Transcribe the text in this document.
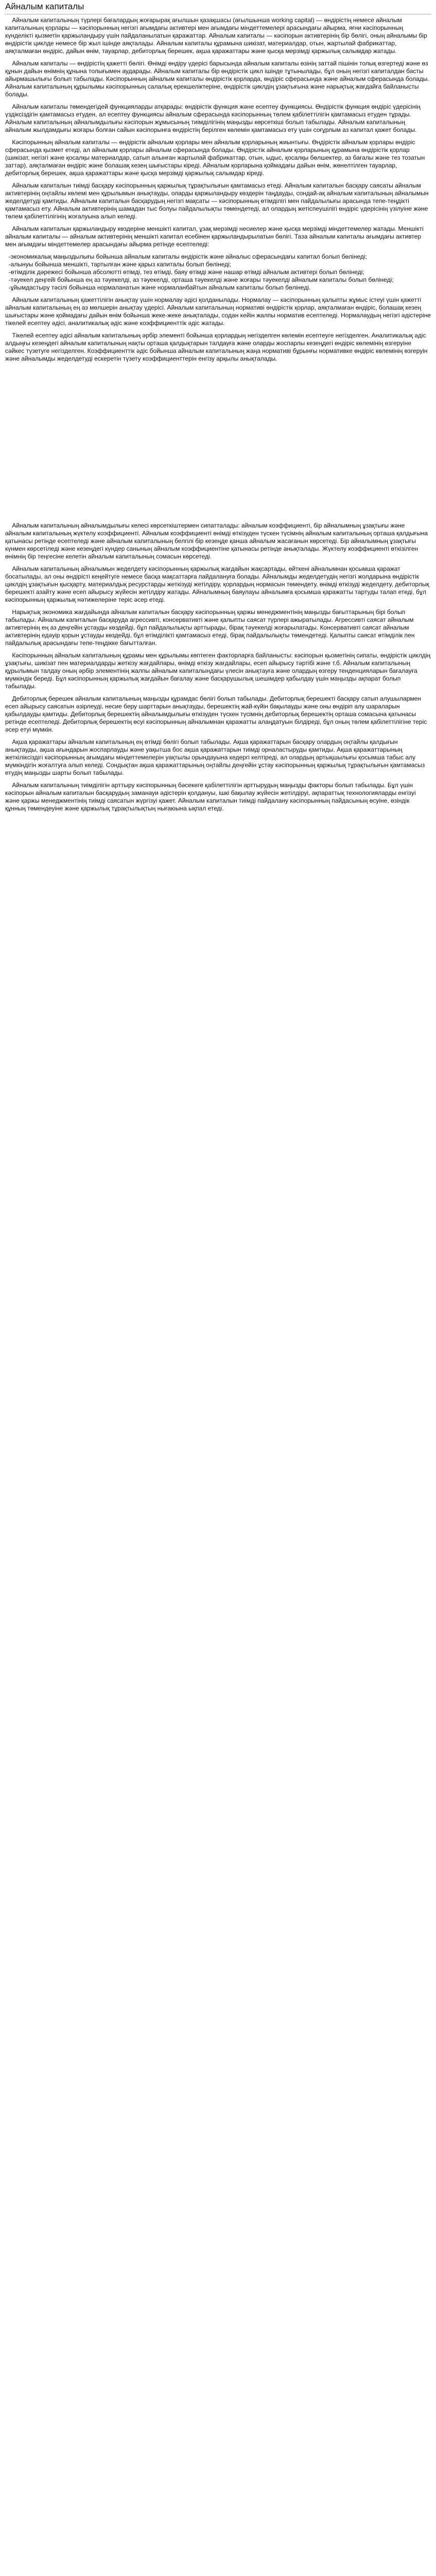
Айналым капиталы

Айналым капиталының түрлері бағалардың жоғарырақ ағылшын қазақшасы (ағылшынша working capital) — өндірістің немесе айналым капиталының қорлары — кәсіпорынның негізгі ағымдағы активтері мен ағымдағы міндеттемелері арасындағы айырма, яғни кәсіпорынның күнделікті қызметін қаржыландыру үшін пайдаланылатын қаражаттар. Айналым капиталы — кәсіпорын активтерінің бір бөлігі, оның айналымы бір өндірістік циклде немесе бір жыл ішінде аяқталады. Айналым капиталы құрамына шикізат, материалдар, отын, жартылай фабрикаттар, аяқталмаған өндіріс, дайын өнім, тауарлар, дебиторлық берешек, ақша қаражаттары және қысқа мерзімді қаржылық салымдар жатады.

Айналым капиталы — өндірістің қажетті бөлігі. Өнімді өндіру үдерісі барысында айналым капиталы өзінің заттай пішінін толық өзгертеді және өз құнын дайын өнімнің құнына толығымен аударады. Айналым капиталы бір өндірістік цикл ішінде тұтынылады, бұл оның негізгі капиталдан басты айырмашылығы болып табылады. Кәсіпорынның айналым капиталы өндірістік қорларда, өндіріс сферасында және айналым сферасында болады. Айналым капиталының құрылымы кәсіпорынның салалық ерекшеліктеріне, өндірістік циклдің ұзақтығына және нарықтық жағдайға байланысты болады.

Айналым капиталы төмендегідей функцияларды атқарады: өндірістік функция және есептеу функциясы. Өндірістік функция өндіріс үдерісінің үздіксіздігін қамтамасыз етуден, ал есептеу функциясы айналым сферасында кәсіпорынның төлем қабілеттілігін қамтамасыз етуден тұрады. Айналым капиталының айналымдылығы кәсіпорын жұмысының тиімділігінің маңызды көрсеткіші болып табылады. Айналым капиталының айналым жылдамдығы жоғары болған сайын кәсіпорынға өндірістің берілген көлемін қамтамасыз ету үшін соғұрлым аз капитал қажет болады.

Кәсіпорынның айналым капиталы — өндірістік айналым қорлары мен айналым қорларының жиынтығы. Өндірістік айналым қорлары өндіріс сферасында қызмет етеді, ал айналым қорлары айналым сферасында болады. Өндірістік айналым қорларының құрамына өндірістік қорлар (шикізат, негізгі және қосалқы материалдар, сатып алынған жартылай фабрикаттар, отын, ыдыс, қосалқы бөлшектер, аз бағалы және тез тозатын заттар), аяқталмаған өндіріс және болашақ кезең шығыстары кіреді. Айналым қорларына қоймадағы дайын өнім, жөнелтілген тауарлар, дебиторлық берешек, ақша қаражаттары және қысқа мерзімді қаржылық салымдар кіреді.

Айналым капиталын тиімді басқару кәсіпорынның қаржылық тұрақтылығын қамтамасыз етеді. Айналым капиталын басқару саясаты айналым активтерінің оңтайлы көлемі мен құрылымын анықтауды, оларды қаржыландыру көздерін таңдауды, сондай-ақ айналым капиталының айналымын жеделдетуді қамтиды. Айналым капиталын басқарудың негізгі мақсаты — кәсіпорынның өтімділігі мен пайдалылығы арасында тепе-теңдікті қамтамасыз ету. Айналым активтерінің шамадан тыс болуы пайдалылықты төмендетеді, ал олардың жетіспеушілігі өндіріс үдерісінің үзілуіне және төлем қабілеттілігінің жоғалуына алып келеді.

Айналым капиталын қаржыландыру көздеріне меншікті капитал, ұзақ мерзімді несиелер және қысқа мерзімді міндеттемелер жатады. Меншікті айналым капиталы — айналым активтерінің меншікті капитал есебінен қаржыландырылатын бөлігі. Таза айналым капиталы ағымдағы активтер мен ағымдағы міндеттемелер арасындағы айырма ретінде есептеледі:

-экономикалық маңыздылығы бойынша айналым капиталы өндірістік және айналыс сферасындағы капитал болып бөлінеді;
-алынуы бойынша меншікті, тартылған және қарыз капиталы болып бөлінеді;
-өтімділік дәрежесі бойынша абсолютті өтімді, тез өтімді, баяу өтімді және нашар өтімді айналым активтері болып бөлінеді;
-тәуекел деңгейі бойынша ең аз тәуекелді, аз тәуекелді, орташа тәуекелді және жоғары тәуекелді айналым капиталы болып бөлінеді;
-ұйымдастыру тәсілі бойынша нормаланатын және нормаланбайтын айналым капиталы болып бөлінеді.

Айналым капиталының қажеттілігін анықтау үшін нормалау әдісі қолданылады. Нормалау — кәсіпорынның қалыпты жұмыс істеуі үшін қажетті айналым капиталының ең аз мөлшерін анықтау үдерісі. Айналым капиталының нормативі өндірістік қорлар, аяқталмаған өндіріс, болашақ кезең шығыстары және қоймадағы дайын өнім бойынша жеке-жеке анықталады, содан кейін жалпы норматив есептеледі. Нормалаудың негізгі әдістеріне тікелей есептеу әдісі, аналитикалық әдіс және коэффициенттік әдіс жатады.

Тікелей есептеу әдісі айналым капиталының әрбір элементі бойынша қорлардың негізделген көлемін есептеуге негізделген. Аналитикалық әдіс алдыңғы кезеңдегі айналым капиталының нақты орташа қалдықтарын талдауға және оларды жоспарлы кезеңдегі өндіріс көлемінің өзгеруіне сәйкес түзетуге негізделген. Коэффициенттік әдіс бойынша айналым капиталының жаңа нормативі бұрынғы нормативке өндіріс көлемінің өзгеруін және айналымды жеделдетуді ескеретін түзету коэффициенттерін енгізу арқылы анықталады.

Айналым капиталының айналымдылығы келесі көрсеткіштермен сипатталады: айналым коэффициенті, бір айналымның ұзақтығы және айналым капиталының жүктелу коэффициенті. Айналым коэффициенті өнімді өткізуден түскен түсімнің айналым капиталының орташа қалдығына қатынасы ретінде есептеледі және айналым капиталының белгілі бір кезеңде қанша айналым жасағанын көрсетеді. Бір айналымның ұзақтығы күнмен көрсетіледі және кезеңдегі күндер санының айналым коэффициентіне қатынасы ретінде анықталады. Жүктелу коэффициенті өткізілген өнімнің бір теңгесіне келетін айналым капиталының сомасын көрсетеді.

Айналым капиталының айналымын жеделдету кәсіпорынның қаржылық жағдайын жақсартады, өйткені айналымнан қосымша қаражат босатылады, ал оны өндірісті кеңейтуге немесе басқа мақсаттарға пайдалануға болады. Айналымды жеделдетудің негізгі жолдарына өндірістік циклдің ұзақтығын қысқарту, материалдық ресурстарды жеткізуді жетілдіру, қорлардың нормасын төмендету, өнімді өткізуді жеделдету, дебиторлық берешекті азайту және есеп айырысу жүйесін жетілдіру жатады. Айналымның баяулауы айналымға қосымша қаражатты тартуды талап етеді, бұл кәсіпорынның қаржылық нәтижелеріне теріс әсер етеді.

Нарықтық экономика жағдайында айналым капиталын басқару кәсіпорынның қаржы менеджментінің маңызды бағыттарының бірі болып табылады. Айналым капиталын басқаруда агрессивті, консервативті және қалыпты саясат түрлері ажыратылады. Агрессивті саясат айналым активтерінің ең аз деңгейін ұстауды көздейді, бұл пайдалылықты арттырады, бірақ тәуекелді жоғарылатады. Консервативті саясат айналым активтерінің едәуір қорын ұстауды көздейді, бұл өтімділікті қамтамасыз етеді, бірақ пайдалылықты төмендетеді. Қалыпты саясат өтімділік пен пайдалылық арасындағы тепе-теңдікке бағытталған.

Кәсіпорынның айналым капиталының құрамы мен құрылымы көптеген факторларға байланысты: кәсіпорын қызметінің сипаты, өндірістік циклдің ұзақтығы, шикізат пен материалдарды жеткізу жағдайлары, өнімді өткізу жағдайлары, есеп айырысу тәртібі және т.б. Айналым капиталының құрылымын талдау оның әрбір элементінің жалпы айналым капиталындағы үлесін анықтауға және олардың өзгеру тенденцияларын бағалауға мүмкіндік береді. Бұл кәсіпорынның қаржылық жағдайын бағалау және басқарушылық шешімдер қабылдау үшін маңызды ақпарат болып табылады.

Дебиторлық берешек айналым капиталының маңызды құрамдас бөлігі болып табылады. Дебиторлық берешекті басқару сатып алушылармен есеп айырысу саясатын әзірлеуді, несие беру шарттарын анықтауды, берешектің жай-күйін бақылауды және оны өндіріп алу шараларын қабылдауды қамтиды. Дебиторлық берешектің айналымдылығы өткізуден түскен түсімнің дебиторлық берешектің орташа сомасына қатынасы ретінде есептеледі. Дебиторлық берешектің өсуі кәсіпорынның айналымнан қаражатты алаңдатуын білдіреді, бұл оның төлем қабілеттілігіне теріс әсер етуі мүмкін.

Ақша қаражаттары айналым капиталының ең өтімді бөлігі болып табылады. Ақша қаражаттарын басқару олардың оңтайлы қалдығын анықтауды, ақша ағындарын жоспарлауды және уақытша бос ақша қаражаттарын тиімді орналастыруды қамтиды. Ақша қаражаттарының жеткіліксіздігі кәсіпорынның ағымдағы міндеттемелерін уақтылы орындауына кедергі келтіреді, ал олардың артықшылығы қосымша табыс алу мүмкіндігін жоғалтуға алып келеді. Сондықтан ақша қаражаттарының оңтайлы деңгейін ұстау кәсіпорынның қаржылық тұрақтылығын қамтамасыз етудің маңызды шарты болып табылады.

Айналым капиталының тиімділігін арттыру кәсіпорынның бәсекеге қабілеттілігін арттырудың маңызды факторы болып табылады. Бұл үшін кәсіпорын айналым капиталын басқарудың заманауи әдістерін қолдануы, ішкі бақылау жүйесін жетілдіруі, ақпараттық технологияларды енгізуі және қаржы менеджментінің тиімді саясатын жүргізуі қажет. Айналым капиталын тиімді пайдалану кәсіпорынның пайдасының өсуіне, өзіндік құнның төмендеуіне және қаржылық тұрақтылықтың нығаюына ықпал етеді.
